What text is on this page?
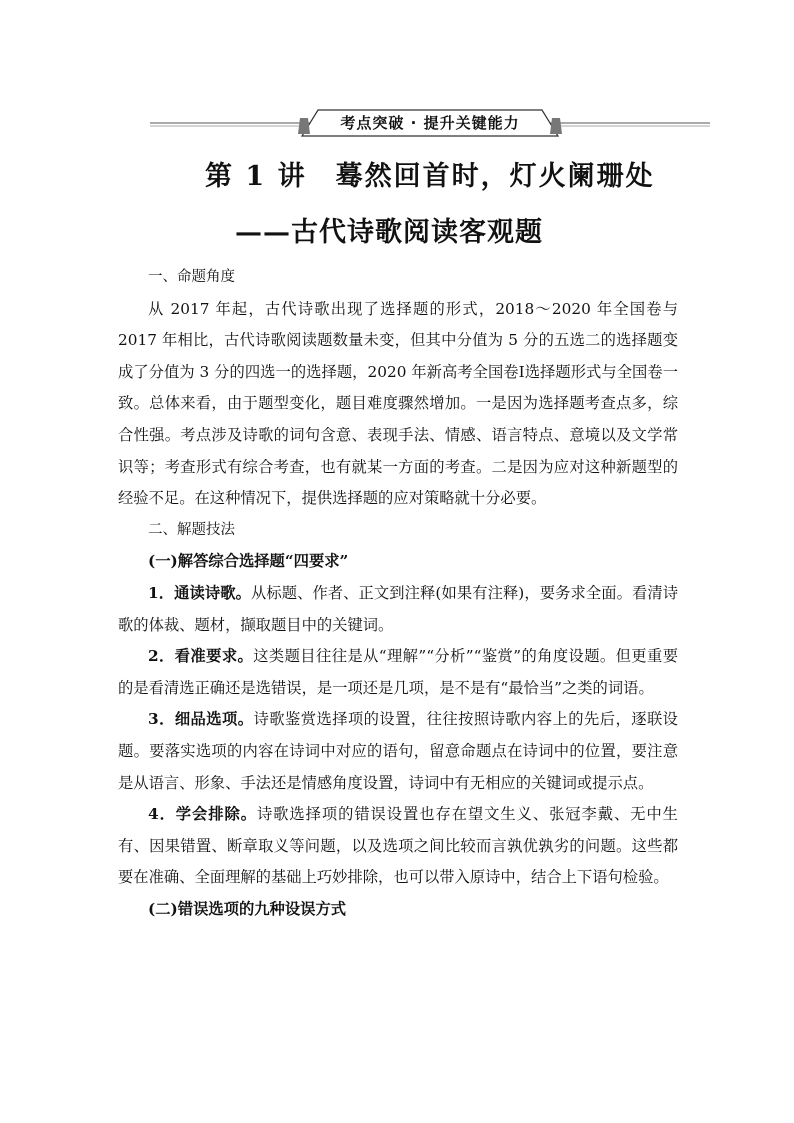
考点突破 · 提升关键能力
第 1 讲　蓦然回首时，灯火阑珊处
——古代诗歌阅读客观题

一、命题角度

从 2017 年起，古代诗歌出现了选择题的形式，2018～2020 年全国卷与 2017 年相比，古代诗歌阅读题数量未变，但其中分值为 5 分的五选二的选择题变成了分值为 3 分的四选一的选择题，2020 年新高考全国卷Ⅰ选择题形式与全国卷一致。总体来看，由于题型变化，题目难度骤然增加。一是因为选择题考查点多，综合性强。考点涉及诗歌的词句含意、表现手法、情感、语言特点、意境以及文学常识等；考查形式有综合考查，也有就某一方面的考查。二是因为应对这种新题型的经验不足。在这种情况下，提供选择题的应对策略就十分必要。

二、解题技法

(一)解答综合选择题“四要求”

1．通读诗歌。从标题、作者、正文到注释(如果有注释)，要务求全面。看清诗歌的体裁、题材，撷取题目中的关键词。

2．看准要求。这类题目往往是从“理解”“分析”“鉴赏”的角度设题。但更重要的是看清选正确还是选错误，是一项还是几项，是不是有“最恰当”之类的词语。

3．细品选项。诗歌鉴赏选择项的设置，往往按照诗歌内容上的先后，逐联设题。要落实选项的内容在诗词中对应的语句，留意命题点在诗词中的位置，要注意是从语言、形象、手法还是情感角度设置，诗词中有无相应的关键词或提示点。

4．学会排除。诗歌选择项的错误设置也存在望文生义、张冠李戴、无中生有、因果错置、断章取义等问题，以及选项之间比较而言孰优孰劣的问题。这些都要在准确、全面理解的基础上巧妙排除，也可以带入原诗中，结合上下语句检验。

(二)错误选项的九种设误方式
